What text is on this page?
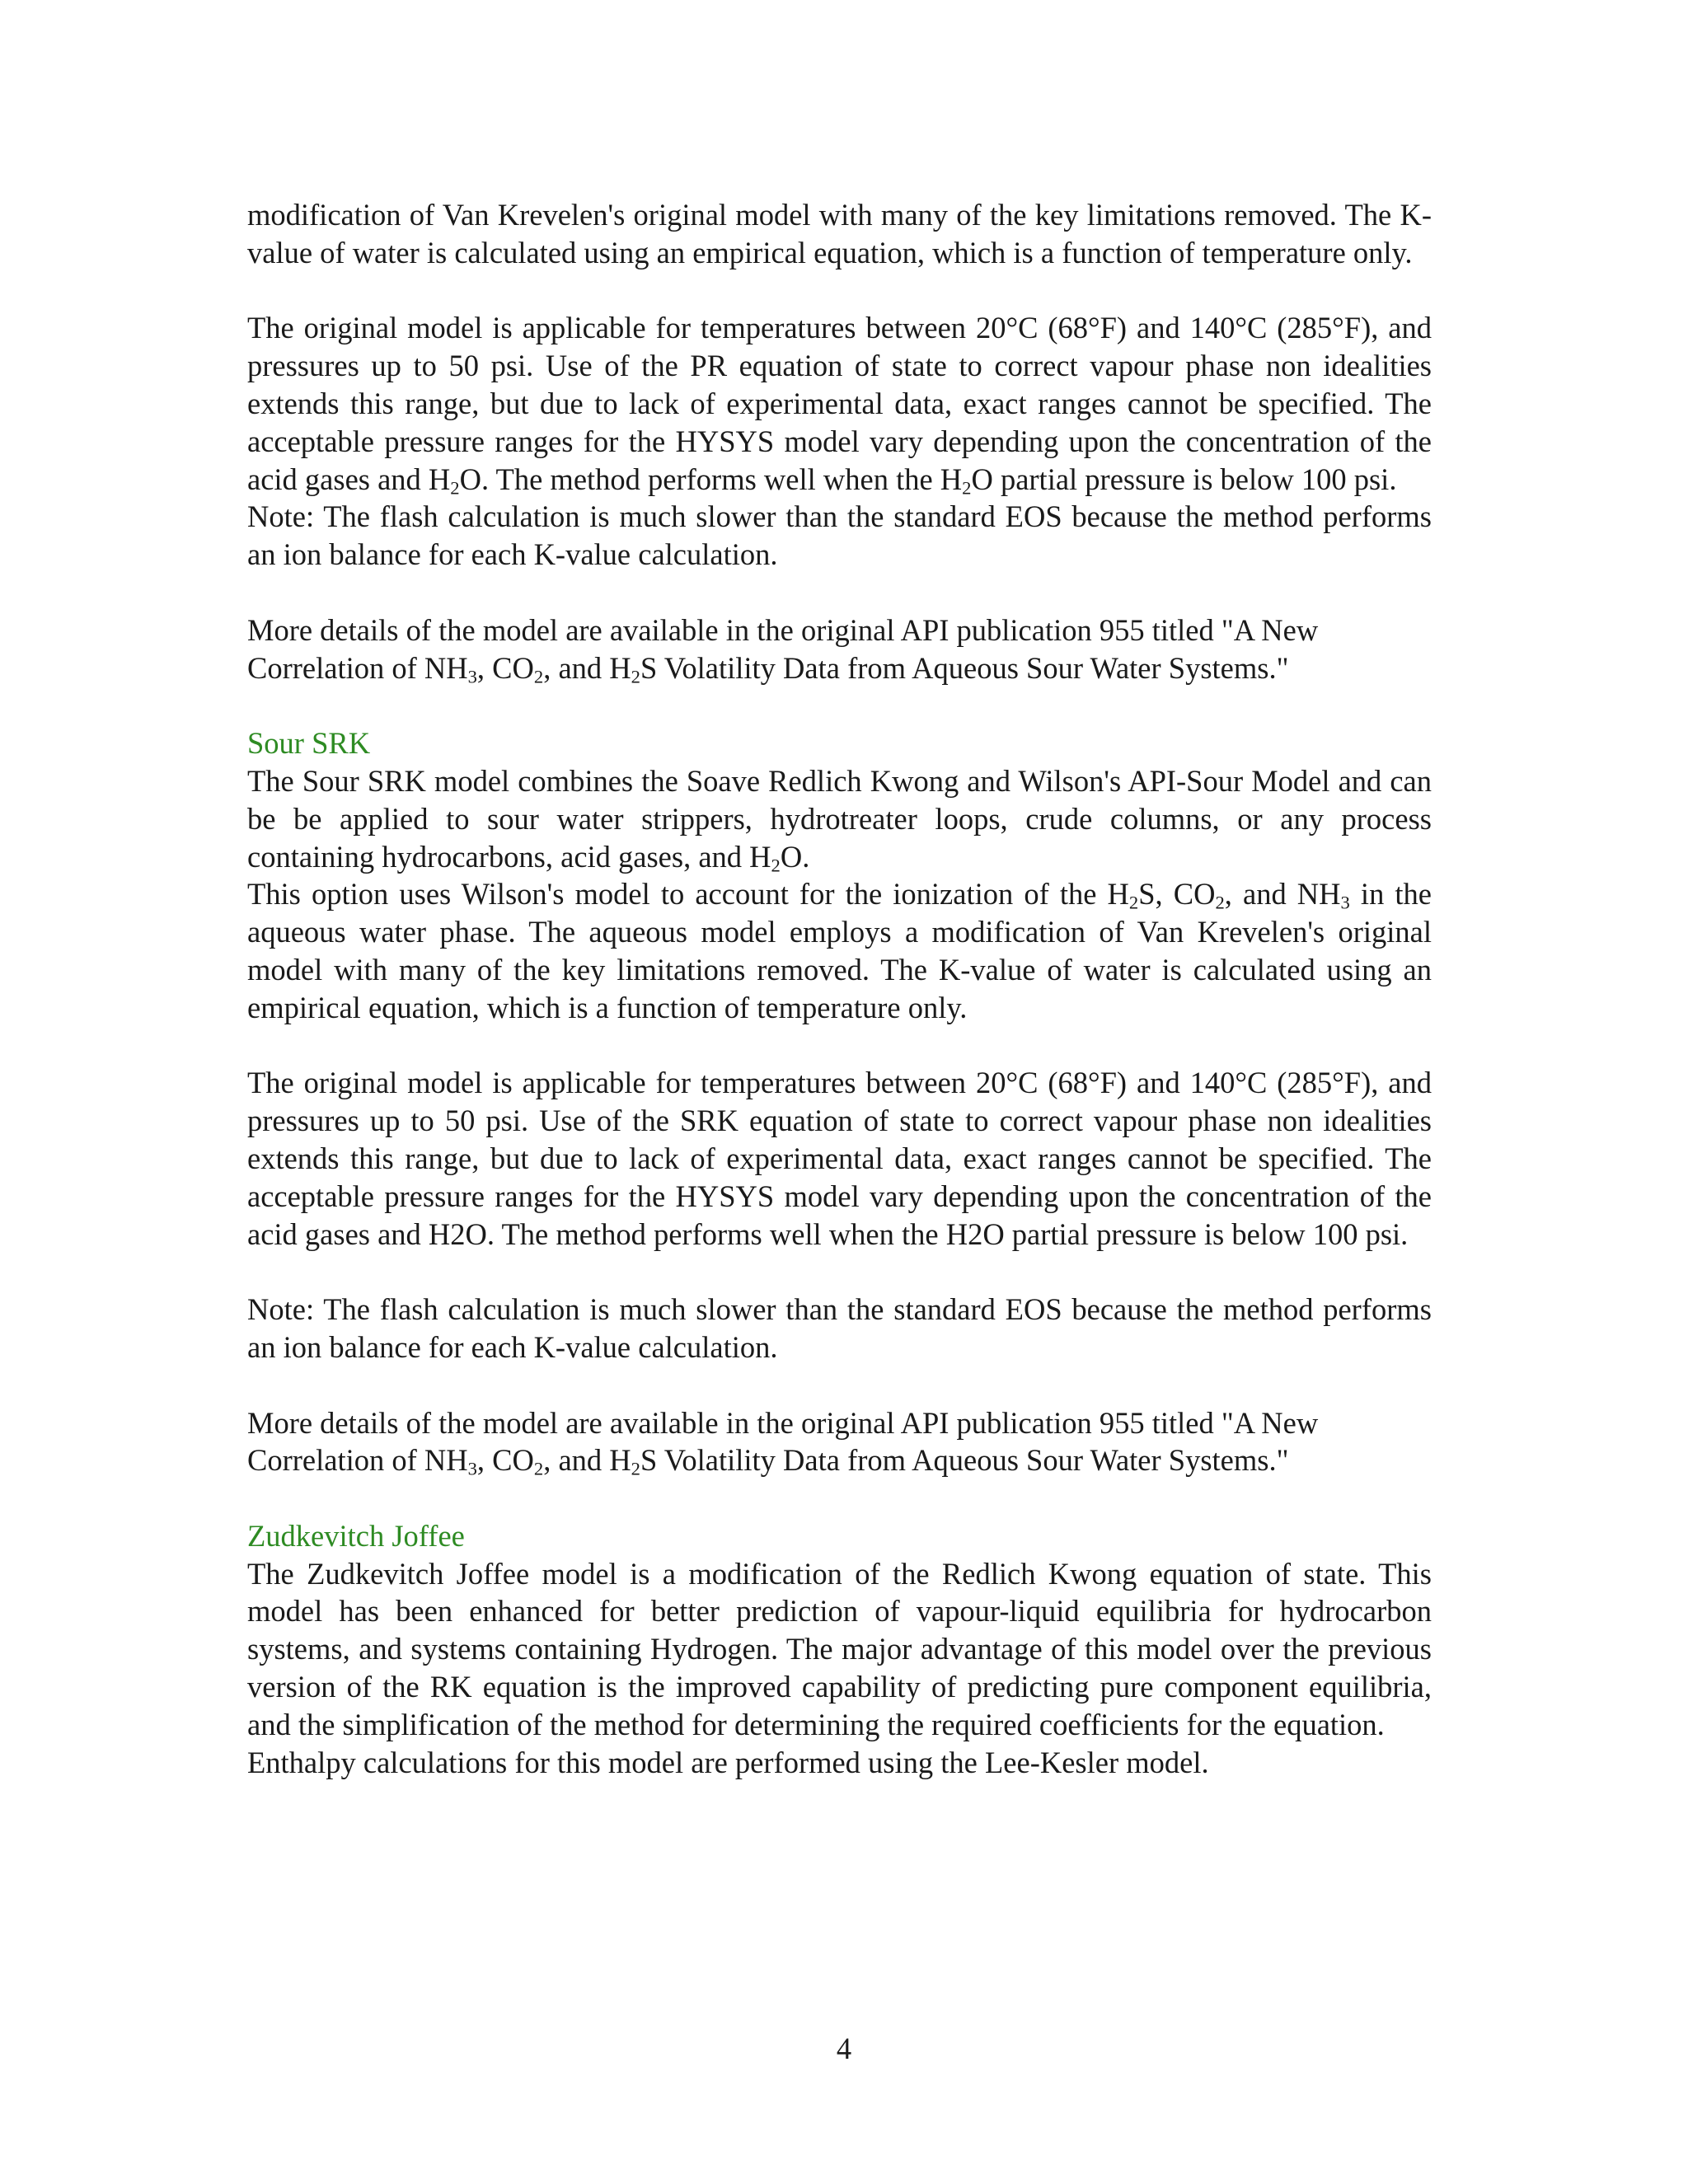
modification of Van Krevelen's original model with many of the key limitations removed. The K-value of water is calculated using an empirical equation, which is a function of temperature only.

The original model is applicable for temperatures between 20°C (68°F) and 140°C (285°F), and pressures up to 50 psi. Use of the PR equation of state to correct vapour phase non idealities extends this range, but due to lack of experimental data, exact ranges cannot be specified. The acceptable pressure ranges for the HYSYS model vary depending upon the concentration of the acid gases and $H_2O$. The method performs well when the $H_2O$ partial pressure is below 100 psi.

Note: The flash calculation is much slower than the standard EOS because the method performs an ion balance for each K-value calculation.

More details of the model are available in the original API publication 955 titled "A New Correlation of $NH_3$, $CO_2$, and $H_2S$ Volatility Data from Aqueous Sour Water Systems."

Sour SRK

The Sour SRK model combines the Soave Redlich Kwong and Wilson's API-Sour Model and can be be applied to sour water strippers, hydrotreater loops, crude columns, or any process containing hydrocarbons, acid gases, and $H_2O$.

This option uses Wilson's model to account for the ionization of the $H_2S$, $CO_2$, and $NH_3$ in the aqueous water phase. The aqueous model employs a modification of Van Krevelen's original model with many of the key limitations removed. The K-value of water is calculated using an empirical equation, which is a function of temperature only.

The original model is applicable for temperatures between 20°C (68°F) and 140°C (285°F), and pressures up to 50 psi. Use of the SRK equation of state to correct vapour phase non idealities extends this range, but due to lack of experimental data, exact ranges cannot be specified. The acceptable pressure ranges for the HYSYS model vary depending upon the concentration of the acid gases and H2O. The method performs well when the H2O partial pressure is below 100 psi.

Note: The flash calculation is much slower than the standard EOS because the method performs an ion balance for each K-value calculation.

More details of the model are available in the original API publication 955 titled "A New Correlation of $NH_3$, $CO_2$, and $H_2S$ Volatility Data from Aqueous Sour Water Systems."

Zudkevitch Joffee

The Zudkevitch Joffee model is a modification of the Redlich Kwong equation of state. This model has been enhanced for better prediction of vapour-liquid equilibria for hydrocarbon systems, and systems containing Hydrogen. The major advantage of this model over the previous version of the RK equation is the improved capability of predicting pure component equilibria, and the simplification of the method for determining the required coefficients for the equation.

Enthalpy calculations for this model are performed using the Lee-Kesler model.

4
